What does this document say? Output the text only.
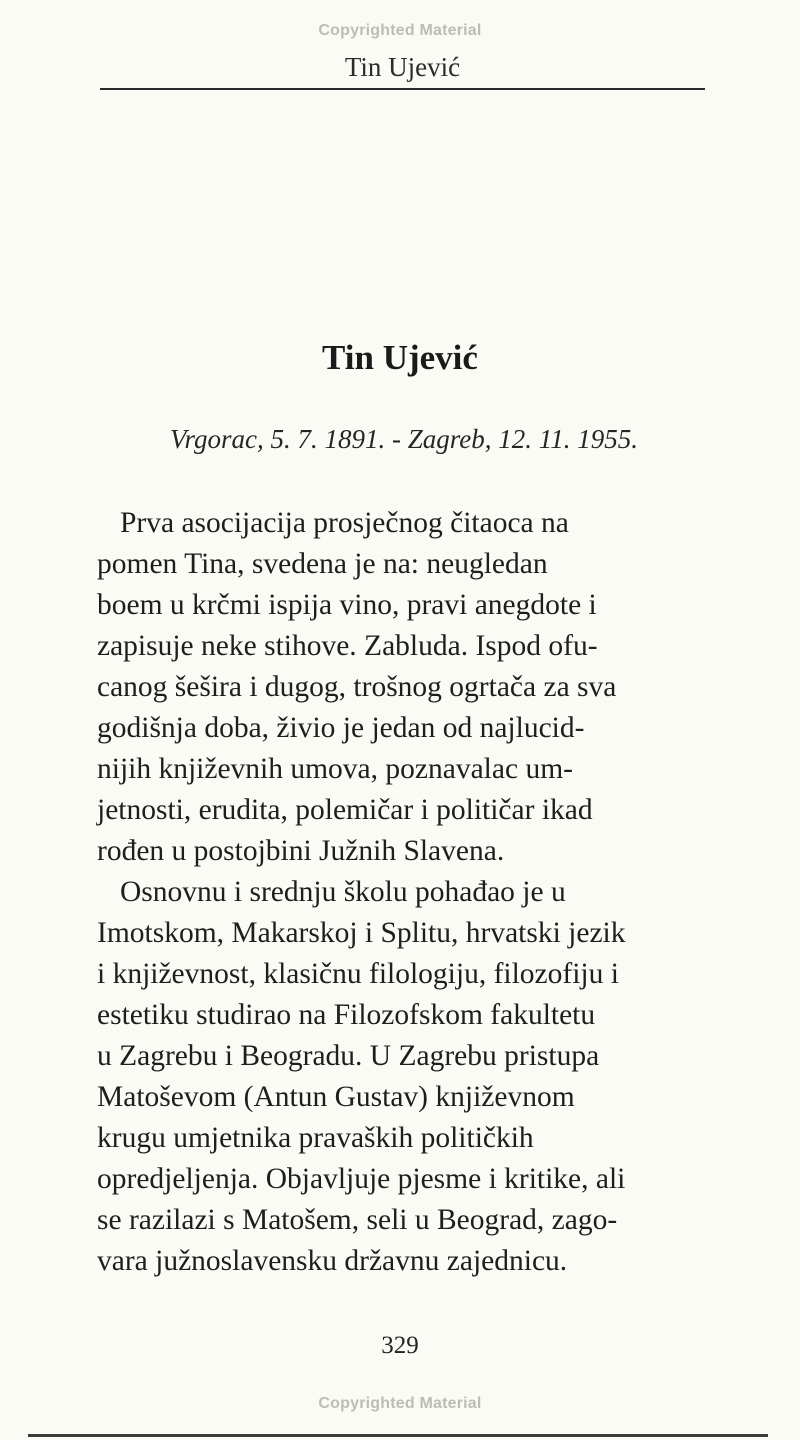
Copyrighted Material
Tin Ujević
Tin Ujević
Vrgorac, 5. 7. 1891. - Zagreb, 12. 11. 1955.
Prva asocijacija prosječnog čitaoca na
pomen Tina, svedena je na: neugledan
boem u krčmi ispija vino, pravi anegdote i
zapisuje neke stihove. Zabluda. Ispod ofu-
canog šešira i dugog, trošnog ogrtača za sva
godišnja doba, živio je jedan od najlucid-
nijih književnih umova, poznavalac um-
jetnosti, erudita, polemičar i političar ikad
rođen u postojbini Južnih Slavena.
Osnovnu i srednju školu pohađao je u
Imotskom, Makarskoj i Splitu, hrvatski jezik
i književnost, klasičnu filologiju, filozofiju i
estetiku studirao na Filozofskom fakultetu
u Zagrebu i Beogradu. U Zagrebu pristupa
Matoševom (Antun Gustav) književnom
krugu umjetnika pravaških političkih
opredjeljenja. Objavljuje pjesme i kritike, ali
se razilazi s Matošem, seli u Beograd, zago-
vara južnoslavensku državnu zajednicu.
329
Copyrighted Material
